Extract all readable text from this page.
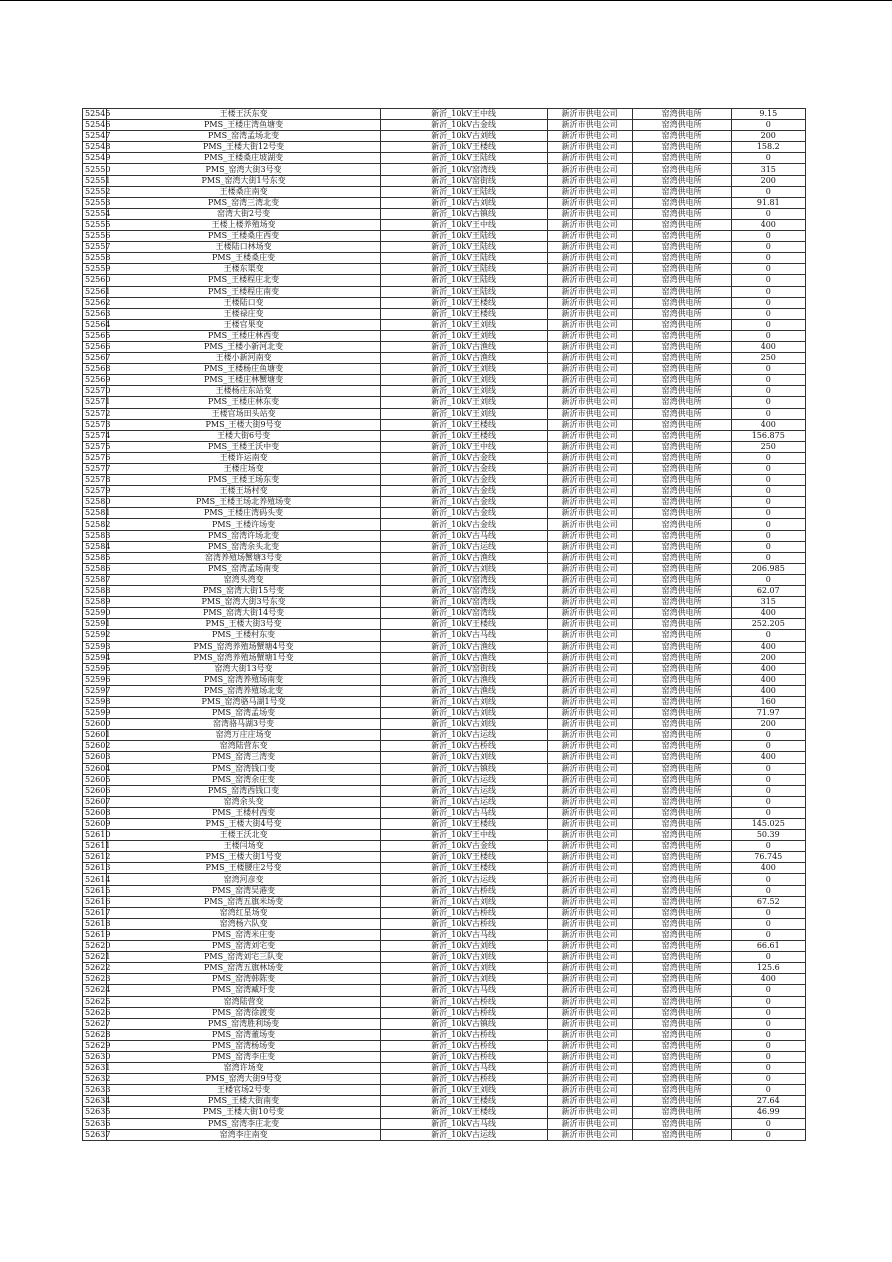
52545	王楼王沃东变	新沂_10kV王中线	新沂市供电公司	窑湾供电所	9.15
52546	PMS_王楼庄湾鱼塘变	新沂_10kV古金线	新沂市供电公司	窑湾供电所	0
52547	PMS_窑湾孟场北变	新沂_10kV古刘线	新沂市供电公司	窑湾供电所	200
52548	PMS_王楼大街12号变	新沂_10kV王楼线	新沂市供电公司	窑湾供电所	158.2
52549	PMS_王楼桑庄坡湖变	新沂_10kV王陆线	新沂市供电公司	窑湾供电所	0
52550	PMS_窑湾大街3号变	新沂_10kV窑湾线	新沂市供电公司	窑湾供电所	315
52551	PMS_窑湾大街1号东变	新沂_10kV窑街线	新沂市供电公司	窑湾供电所	200
52552	王楼桑庄南变	新沂_10kV王陆线	新沂市供电公司	窑湾供电所	0
52553	PMS_窑湾三湾北变	新沂_10kV古刘线	新沂市供电公司	窑湾供电所	91.81
52554	窑湾大街2号变	新沂_10kV古镇线	新沂市供电公司	窑湾供电所	0
52555	王楼上楼养殖场变	新沂_10kV王中线	新沂市供电公司	窑湾供电所	400
52556	PMS_王楼桑庄西变	新沂_10kV王陆线	新沂市供电公司	窑湾供电所	0
52557	王楼陆口林场变	新沂_10kV王陆线	新沂市供电公司	窑湾供电所	0
52558	PMS_王楼桑庄变	新沂_10kV王陆线	新沂市供电公司	窑湾供电所	0
52559	王楼东渠变	新沂_10kV王陆线	新沂市供电公司	窑湾供电所	0
52560	PMS_王楼程庄北变	新沂_10kV王陆线	新沂市供电公司	窑湾供电所	0
52561	PMS_王楼程庄南变	新沂_10kV王陆线	新沂市供电公司	窑湾供电所	0
52562	王楼陆口变	新沂_10kV王楼线	新沂市供电公司	窑湾供电所	0
52563	王楼禄庄变	新沂_10kV王楼线	新沂市供电公司	窑湾供电所	0
52564	王楼官果变	新沂_10kV王刘线	新沂市供电公司	窑湾供电所	0
52565	PMS_王楼庄林西变	新沂_10kV王刘线	新沂市供电公司	窑湾供电所	0
52566	PMS_王楼小新河北变	新沂_10kV古渔线	新沂市供电公司	窑湾供电所	400
52567	王楼小新河南变	新沂_10kV古渔线	新沂市供电公司	窑湾供电所	250
52568	PMS_王楼杨庄鱼塘变	新沂_10kV王刘线	新沂市供电公司	窑湾供电所	0
52569	PMS_王楼庄林蟹塘变	新沂_10kV王刘线	新沂市供电公司	窑湾供电所	0
52570	王楼杨庄东站变	新沂_10kV王刘线	新沂市供电公司	窑湾供电所	0
52571	PMS_王楼庄林东变	新沂_10kV王刘线	新沂市供电公司	窑湾供电所	0
52572	王楼官场田头站变	新沂_10kV王刘线	新沂市供电公司	窑湾供电所	0
52573	PMS_王楼大街9号变	新沂_10kV王楼线	新沂市供电公司	窑湾供电所	400
52574	王楼大街6号变	新沂_10kV王楼线	新沂市供电公司	窑湾供电所	156.875
52575	PMS_王楼王沃中变	新沂_10kV王中线	新沂市供电公司	窑湾供电所	250
52576	王楼许运南变	新沂_10kV古金线	新沂市供电公司	窑湾供电所	0
52577	王楼庄场变	新沂_10kV古金线	新沂市供电公司	窑湾供电所	0
52578	PMS_王楼王场东变	新沂_10kV古金线	新沂市供电公司	窑湾供电所	0
52579	王楼王场村变	新沂_10kV古金线	新沂市供电公司	窑湾供电所	0
52580	PMS_王楼王场北养殖场变	新沂_10kV古金线	新沂市供电公司	窑湾供电所	0
52581	PMS_王楼庄湾码头变	新沂_10kV古金线	新沂市供电公司	窑湾供电所	0
52582	PMS_王楼许场变	新沂_10kV古金线	新沂市供电公司	窑湾供电所	0
52583	PMS_窑湾许场北变	新沂_10kV古马线	新沂市供电公司	窑湾供电所	0
52584	PMS_窑湾余头北变	新沂_10kV古运线	新沂市供电公司	窑湾供电所	0
52585	窑湾养殖场蟹塘3号变	新沂_10kV古渔线	新沂市供电公司	窑湾供电所	0
52586	PMS_窑湾孟场南变	新沂_10kV古刘线	新沂市供电公司	窑湾供电所	206.985
52587	窑湾头湾变	新沂_10kV窑湾线	新沂市供电公司	窑湾供电所	0
52588	PMS_窑湾大街15号变	新沂_10kV窑湾线	新沂市供电公司	窑湾供电所	62.07
52589	PMS_窑湾大街3号东变	新沂_10kV窑湾线	新沂市供电公司	窑湾供电所	315
52590	PMS_窑湾大街14号变	新沂_10kV窑湾线	新沂市供电公司	窑湾供电所	400
52591	PMS_王楼大街3号变	新沂_10kV王楼线	新沂市供电公司	窑湾供电所	252.205
52592	PMS_王楼村东变	新沂_10kV古马线	新沂市供电公司	窑湾供电所	0
52593	PMS_窑湾养殖场蟹塘4号变	新沂_10kV古渔线	新沂市供电公司	窑湾供电所	400
52594	PMS_窑湾养殖场蟹塘1号变	新沂_10kV古渔线	新沂市供电公司	窑湾供电所	200
52595	窑湾大街13号变	新沂_10kV窑街线	新沂市供电公司	窑湾供电所	400
52596	PMS_窑湾养殖场南变	新沂_10kV古渔线	新沂市供电公司	窑湾供电所	400
52597	PMS_窑湾养殖场北变	新沂_10kV古渔线	新沂市供电公司	窑湾供电所	400
52598	PMS_窑湾骆马湖1号变	新沂_10kV古刘线	新沂市供电公司	窑湾供电所	160
52599	PMS_窑湾孟场变	新沂_10kV古刘线	新沂市供电公司	窑湾供电所	71.97
52600	窑湾骆马湖3号变	新沂_10kV古刘线	新沂市供电公司	窑湾供电所	200
52601	窑湾万庄庄场变	新沂_10kV古运线	新沂市供电公司	窑湾供电所	0
52602	窑湾陆营东变	新沂_10kV古桥线	新沂市供电公司	窑湾供电所	0
52603	PMS_窑湾三湾变	新沂_10kV古刘线	新沂市供电公司	窑湾供电所	400
52604	PMS_窑湾钱口变	新沂_10kV古镇线	新沂市供电公司	窑湾供电所	0
52605	PMS_窑湾余庄变	新沂_10kV古运线	新沂市供电公司	窑湾供电所	0
52606	PMS_窑湾西钱口变	新沂_10kV古运线	新沂市供电公司	窑湾供电所	0
52607	窑湾余头变	新沂_10kV古运线	新沂市供电公司	窑湾供电所	0
52608	PMS_王楼村西变	新沂_10kV古马线	新沂市供电公司	窑湾供电所	0
52609	PMS_王楼大街4号变	新沂_10kV王楼线	新沂市供电公司	窑湾供电所	145.025
52610	王楼王沃北变	新沂_10kV王中线	新沂市供电公司	窑湾供电所	50.39
52611	王楼闫场变	新沂_10kV古金线	新沂市供电公司	窑湾供电所	0
52612	PMS_王楼大街1号变	新沂_10kV王楼线	新沂市供电公司	窑湾供电所	76.745
52613	PMS_王楼腰庄2号变	新沂_10kV王楼线	新沂市供电公司	窑湾供电所	400
52614	窑湾河彦变	新沂_10kV古运线	新沂市供电公司	窑湾供电所	0
52615	PMS_窑湾吴港变	新沂_10kV古桥线	新沂市供电公司	窑湾供电所	0
52616	PMS_窑湾五旗米场变	新沂_10kV古刘线	新沂市供电公司	窑湾供电所	67.52
52617	窑湾红星场变	新沂_10kV古桥线	新沂市供电公司	窑湾供电所	0
52618	窑湾杨六队变	新沂_10kV古桥线	新沂市供电公司	窑湾供电所	0
52619	PMS_窑湾米庄变	新沂_10kV古马线	新沂市供电公司	窑湾供电所	0
52620	PMS_窑湾刘宅变	新沂_10kV古刘线	新沂市供电公司	窑湾供电所	66.61
52621	PMS_窑湾刘宅三队变	新沂_10kV古刘线	新沂市供电公司	窑湾供电所	0
52622	PMS_窑湾五旗林场变	新沂_10kV古刘线	新沂市供电公司	窑湾供电所	125.6
52623	PMS_窑湾韩陈变	新沂_10kV古刘线	新沂市供电公司	窑湾供电所	400
52624	PMS_窑湾臧圩变	新沂_10kV古马线	新沂市供电公司	窑湾供电所	0
52625	窑湾陆营变	新沂_10kV古桥线	新沂市供电公司	窑湾供电所	0
52626	PMS_窑湾徐渡变	新沂_10kV古桥线	新沂市供电公司	窑湾供电所	0
52627	PMS_窑湾胜利场变	新沂_10kV古镇线	新沂市供电公司	窑湾供电所	0
52628	PMS_窑湾董场变	新沂_10kV古桥线	新沂市供电公司	窑湾供电所	0
52629	PMS_窑湾杨场变	新沂_10kV古桥线	新沂市供电公司	窑湾供电所	0
52630	PMS_窑湾李庄变	新沂_10kV古桥线	新沂市供电公司	窑湾供电所	0
52631	窑湾许场变	新沂_10kV古马线	新沂市供电公司	窑湾供电所	0
52632	PMS_窑湾大街9号变	新沂_10kV古桥线	新沂市供电公司	窑湾供电所	0
52633	王楼官场2号变	新沂_10kV王刘线	新沂市供电公司	窑湾供电所	0
52634	PMS_王楼大街南变	新沂_10kV王楼线	新沂市供电公司	窑湾供电所	27.64
52635	PMS_王楼大街10号变	新沂_10kV王楼线	新沂市供电公司	窑湾供电所	46.99
52636	PMS_窑湾李庄北变	新沂_10kV古马线	新沂市供电公司	窑湾供电所	0
52637	窑湾李庄南变	新沂_10kV古运线	新沂市供电公司	窑湾供电所	0
